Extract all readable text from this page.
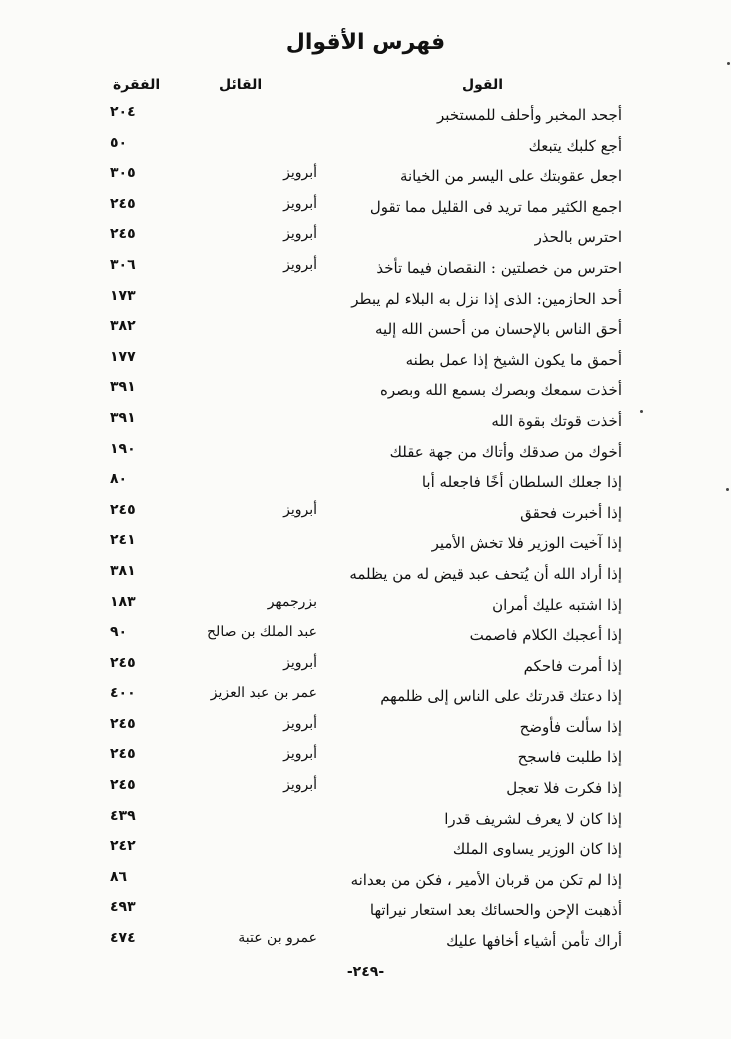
فهرس الأقوال
القول
القائل
الفقرة
أجحد المخبر وأحلف للمستخبر
٢٠٤
أجع كلبك يتبعك
٥٠
اجعل عقوبتك على اليسر من الخيانة
أبرويز
٣٠٥
اجمع الكثير مما تريد فى القليل مما تقول
أبرويز
٢٤٥
احترس بالحذر
أبرويز
٢٤٥
احترس من خصلتين : النقصان فيما تأخذ
أبرويز
٣٠٦
أحد الحازمين: الذى إذا نزل به البلاء لم يبطر
١٧٣
أحق الناس بالإحسان من أحسن الله إليه
٣٨٢
أحمق ما يكون الشيخ إذا عمل بطنه
١٧٧
أخذت سمعك وبصرك بسمع الله وبصره
٣٩١
أخذت قوتك بقوة الله
٣٩١
أخوك من صدقك وأتاك من جهة عقلك
١٩٠
إذا جعلك السلطان أخًا فاجعله أبا
٨٠
إذا أخبرت فحقق
أبرويز
٢٤٥
إذا آخيت الوزير فلا تخش الأمير
٢٤١
إذا أراد الله أن يُتحف عبد قيض له من يظلمه
٣٨١
إذا اشتبه عليك أمران
بزرجمهر
١٨٣
إذا أعجبك الكلام فاصمت
عبد الملك بن صالح
٩٠
إذا أمرت فاحكم
أبرويز
٢٤٥
إذا دعتك قدرتك على الناس إلى ظلمهم
عمر بن عبد العزيز
٤٠٠
إذا سألت فأوضح
أبرويز
٢٤٥
إذا طلبت فاسجح
أبرويز
٢٤٥
إذا فكرت فلا تعجل
أبرويز
٢٤٥
إذا كان لا يعرف لشريف قدرا
٤٣٩
إذا كان الوزير يساوى الملك
٢٤٢
إذا لم تكن من قربان الأمير ، فكن من بعدانه
٨٦
أذهبت الإحن والحسائك بعد استعار نيراتها
٤٩٣
أراك تأمن أشياء أخافها عليك
عمرو بن عتبة
٤٧٤
-٢٤٩-
